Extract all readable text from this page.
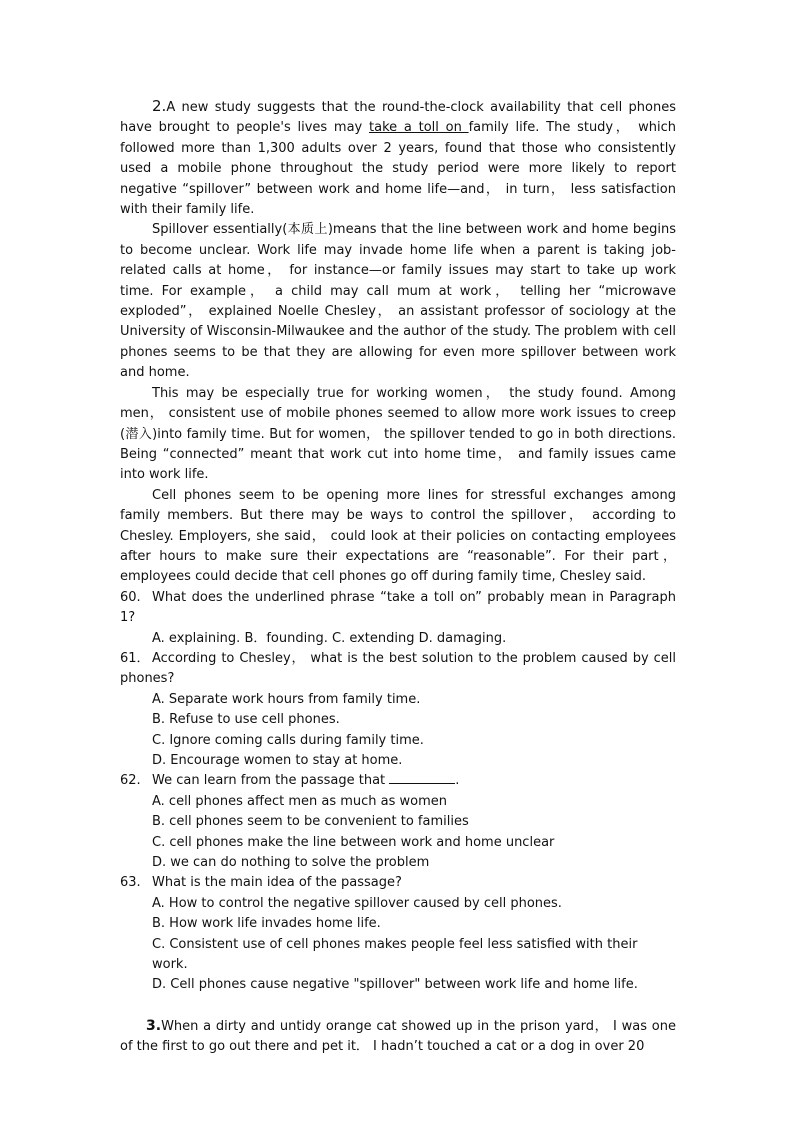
2.A new study suggests that the round-the-clock availability that cell phones have brought to people's lives may take a toll on family life. The study， which followed more than 1,300 adults over 2 years, found that those who consistently used a mobile phone throughout the study period were more likely to report negative “spillover” between work and home life—and， in turn， less satisfaction with their family life.

Spillover essentially(本质上)means that the line between work and home begins to become unclear. Work life may invade home life when a parent is taking job-related calls at home， for instance—or family issues may start to take up work time. For example， a child may call mum at work， telling her “microwave exploded”， explained Noelle Chesley， an assistant professor of sociology at the University of Wisconsin-Milwaukee and the author of the study. The problem with cell phones seems to be that they are allowing for even more spillover between work and home.

This may be especially true for working women， the study found. Among men， consistent use of mobile phones seemed to allow more work issues to creep (潜入)into family time. But for women， the spillover tended to go in both directions. Being “connected” meant that work cut into home time， and family issues came into work life.

Cell phones seem to be opening more lines for stressful exchanges among family members. But there may be ways to control the spillover， according to Chesley. Employers, she said， could look at their policies on contacting employees after hours to make sure their expectations are “reasonable”. For their part， employees could decide that cell phones go off during family time, Chesley said.

60. What does the underlined phrase “take a toll on” probably mean in Paragraph 1?

A. explaining. B．founding. C. extending D. damaging.

61． According to Chesley， what is the best solution to the problem caused by cell phones?

A. Separate work hours from family time.

B. Refuse to use cell phones.

C. Ignore coming calls during family time.

D. Encourage women to stay at home.

62. We can learn from the passage that	.

A. cell phones affect men as much as women

B. cell phones seem to be convenient to families

C. cell phones make the line between work and home unclear

D. we can do nothing to solve the problem

63. What is the main idea of the passage?

A. How to control the negative spillover caused by cell phones.

B. How work life invades home life.

C. Consistent use of cell phones makes people feel less satisfied with their work.

D. Cell phones cause negative "spillover" between work life and home life.

3.When a dirty and untidy orange cat showed up in the prison yard， I was one of the first to go out there and pet it． I hadn’t touched a cat or a dog in over 20
